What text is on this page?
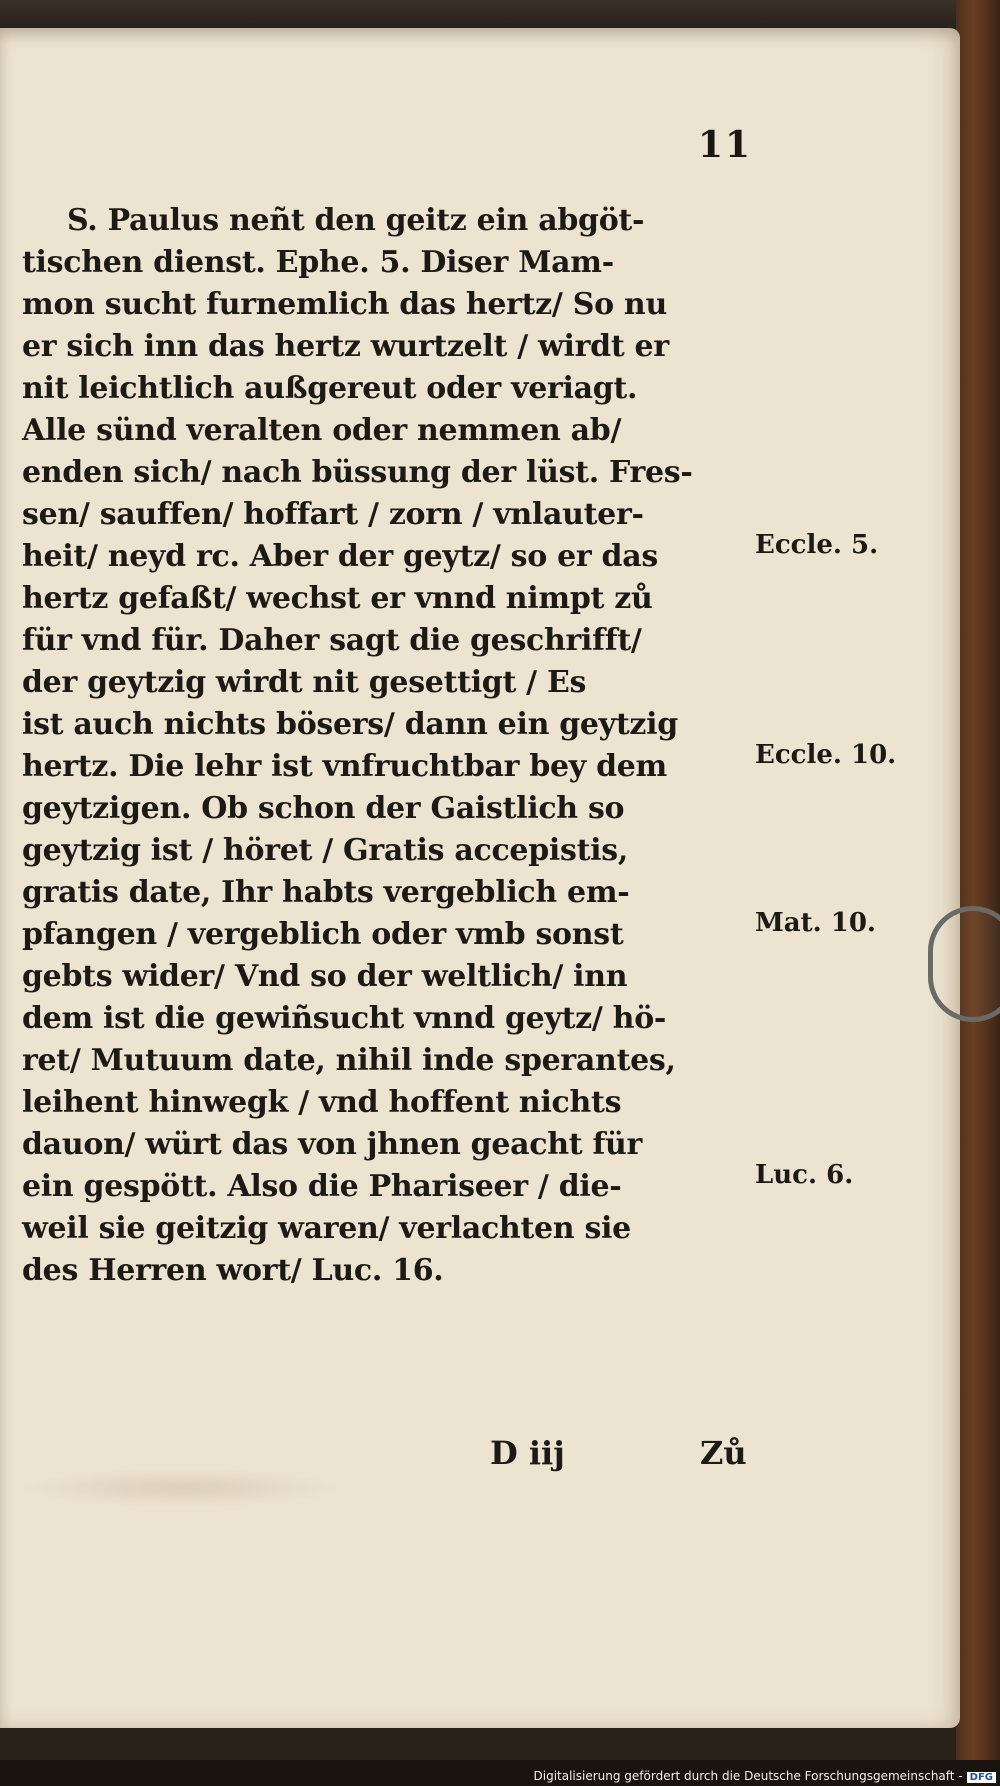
11
S. Paulus neñt den geitz ein abgöt-
tischen dienst. Ephe. 5. Diser Mam-
mon sucht furnemlich das hertz/ So nu
er sich inn das hertz wurtzelt / wirdt er
nit leichtlich außgereut oder veriagt.
Alle sünd veralten oder nemmen ab/
enden sich/ nach büssung der lüst. Fres-
sen/ sauffen/ hoffart / zorn / vnlauter-
heit/ neyd rc. Aber der geytz/ so er das
hertz gefaßt/ wechst er vnnd nimpt zů
für vnd für. Daher sagt die geschrifft/
der geytzig wirdt nit gesettigt / Es
ist auch nichts bösers/ dann ein geytzig
hertz. Die lehr ist vnfruchtbar bey dem
geytzigen. Ob schon der Gaistlich so
geytzig ist / höret / Gratis accepistis,
gratis date, Ihr habts vergeblich em-
pfangen / vergeblich oder vmb sonst
gebts wider/ Vnd so der weltlich/ inn
dem ist die gewiñsucht vnnd geytz/ hö-
ret/ Mutuum date, nihil inde sperantes,
leihent hinwegk / vnd hoffent nichts
dauon/ würt das von jhnen geacht für
ein gespött. Also die Phariseer / die-
weil sie geitzig waren/ verlachten sie
des Herren wort/ Luc. 16.
Eccle. 5.
Eccle. 10.
Mat. 10.
Luc. 6.
D iij	Zů
Digitalisierung gefördert durch die Deutsche Forschungsgemeinschaft - DFG
